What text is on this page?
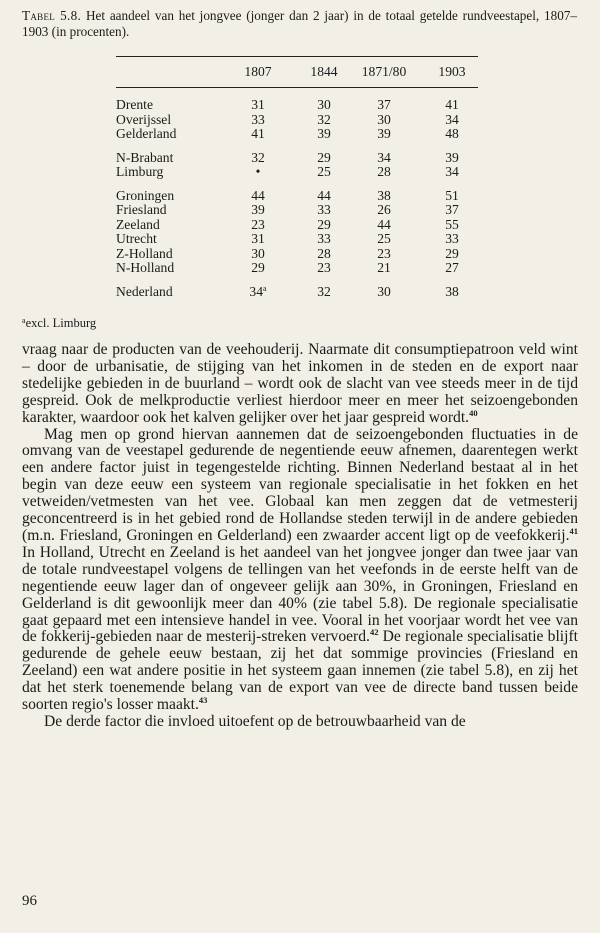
Tabel 5.8. Het aandeel van het jongvee (jonger dan 2 jaar) in de totaal getelde rundveestapel, 1807–1903 (in procenten).
1807	1844	1871/80	1903
Drente	31	30	37	41
Overijssel	33	32	30	34
Gelderland	41	39	39	48
N-Brabant	32	29	34	39
Limburg	•	25	28	34
Groningen	44	44	38	51
Friesland	39	33	26	37
Zeeland	23	29	44	55
Utrecht	31	33	25	33
Z-Holland	30	28	23	29
N-Holland	29	23	21	27
Nederland	34$^a$	32	30	38
$^a$excl. Limburg

vraag naar de producten van de veehouderij. Naarmate dit consumptiepatroon veld wint – door de urbanisatie, de stijging van het inkomen in de steden en de export naar stedelijke gebieden in de buurland – wordt ook de slacht van vee steeds meer in de tijd gespreid. Ook de melkproductie verliest hierdoor meer en meer het seizoengebonden karakter, waardoor ook het kalven gelijker over het jaar gespreid wordt.$^{40}$

Mag men op grond hiervan aannemen dat de seizoengebonden fluctuaties in de omvang van de veestapel gedurende de negentiende eeuw afnemen, daarentegen werkt een andere factor juist in tegengestelde richting. Binnen Nederland bestaat al in het begin van deze eeuw een systeem van regionale specialisatie in het fokken en het vetweiden/vetmesten van het vee. Globaal kan men zeggen dat de vetmesterij geconcentreerd is in het gebied rond de Hollandse steden terwijl in de andere gebieden (m.n. Friesland, Groningen en Gelderland) een zwaarder accent ligt op de veefokkerij.$^{41}$ In Holland, Utrecht en Zeeland is het aandeel van het jongvee jonger dan twee jaar van de totale rundveestapel volgens de tellingen van het veefonds in de eerste helft van de negentiende eeuw lager dan of ongeveer gelijk aan 30%, in Groningen, Friesland en Gelderland is dit gewoonlijk meer dan 40% (zie tabel 5.8). De regionale specialisatie gaat gepaard met een intensieve handel in vee. Vooral in het voorjaar wordt het vee van de fokkerij-gebieden naar de mesterij-streken vervoerd.$^{42}$ De regionale specialisatie blijft gedurende de gehele eeuw bestaan, zij het dat sommige provincies (Friesland en Zeeland) een wat andere positie in het systeem gaan innemen (zie tabel 5.8), en zij het dat het sterk toenemende belang van de export van vee de directe band tussen beide soorten regio's losser maakt.$^{43}$

De derde factor die invloed uitoefent op de betrouwbaarheid van de

96
